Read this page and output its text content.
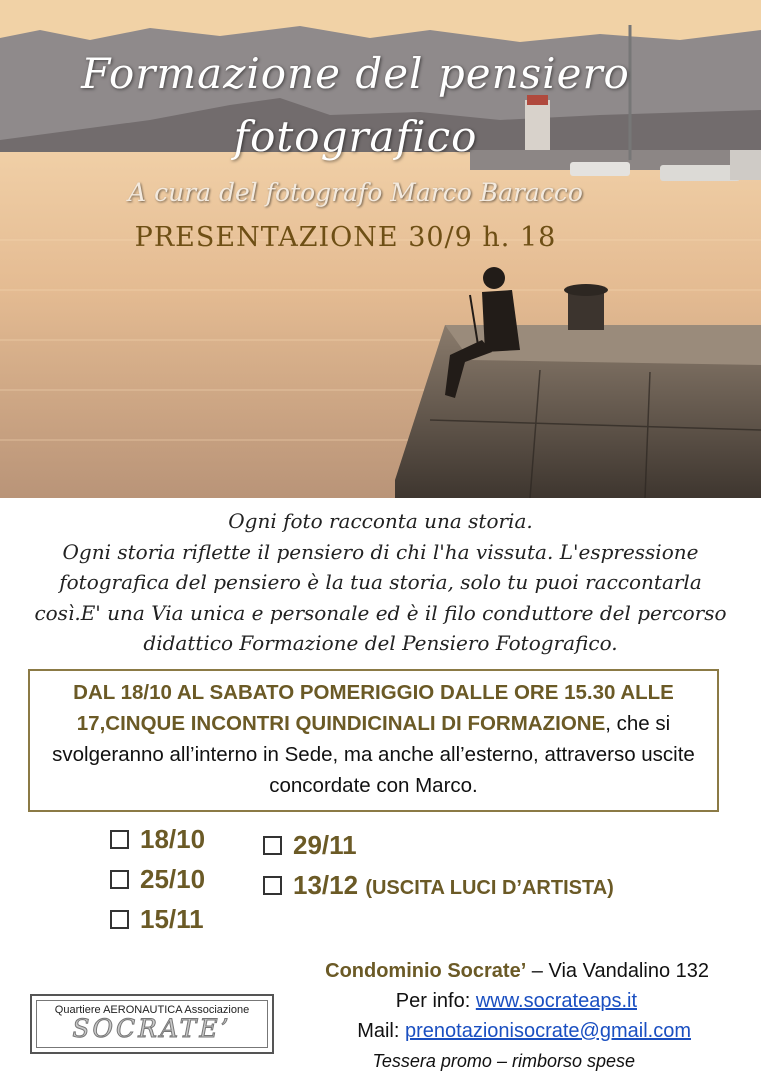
Formazione del pensiero
fotografico
A cura del fotografo Marco Baracco
PRESENTAZIONE 30/9 h. 18

Ogni foto racconta una storia.

Ogni storia riflette il pensiero di chi l'ha vissuta. L'espressione

fotografica del pensiero è la tua storia, solo tu puoi raccontarla

così.E' una Via unica e personale ed è il filo conduttore del percorso

didattico Formazione del Pensiero Fotografico.

DAL 18/10 AL SABATO POMERIGGIO DALLE ORE 15.30 ALLE 17,CINQUE INCONTRI QUINDICINALI DI FORMAZIONE, che si svolgeranno all’interno in Sede, ma anche all’esterno, attraverso uscite concordate con Marco.
18/10
25/10
15/11
29/11
13/12 (USCITA LUCI D’ARTISTA)
Condominio Socrate’ – Via Vandalino 132
Per info: www.socrateaps.it
Mail: prenotazionisocrate@gmail.com
Tessera promo – rimborso spese
Quartiere AERONAUTICA Associazione
SOCRATE’
